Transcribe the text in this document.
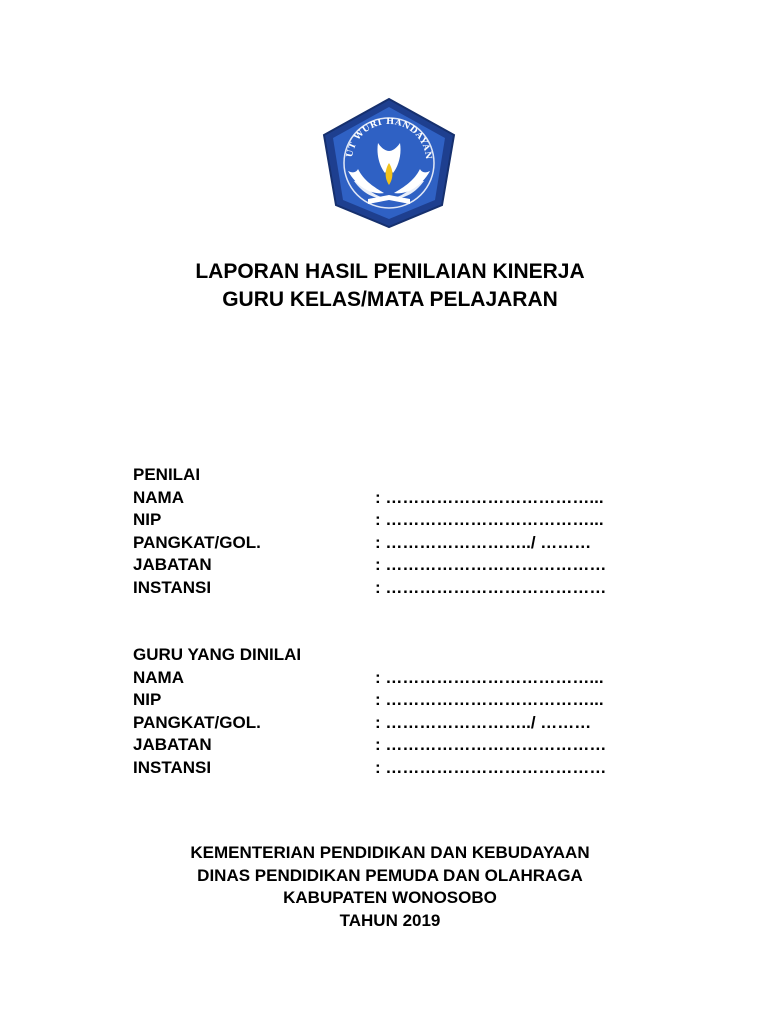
UT WURI HANDAYAN
LAPORAN HASIL PENILAIAN KINERJA
GURU KELAS/MATA PELAJARAN
PENILAI
NAMA	: ………………………………...
NIP	: ………………………………...
PANGKAT/GOL.	: ……………………../ ………
JABATAN	: …………………………………
INSTANSI	: …………………………………
GURU YANG DINILAI
NAMA	: ………………………………...
NIP	: ………………………………...
PANGKAT/GOL.	: ……………………../ ………
JABATAN	: …………………………………
INSTANSI	: …………………………………
KEMENTERIAN PENDIDIKAN DAN KEBUDAYAAN
DINAS PENDIDIKAN PEMUDA DAN OLAHRAGA
KABUPATEN WONOSOBO
TAHUN 2019
